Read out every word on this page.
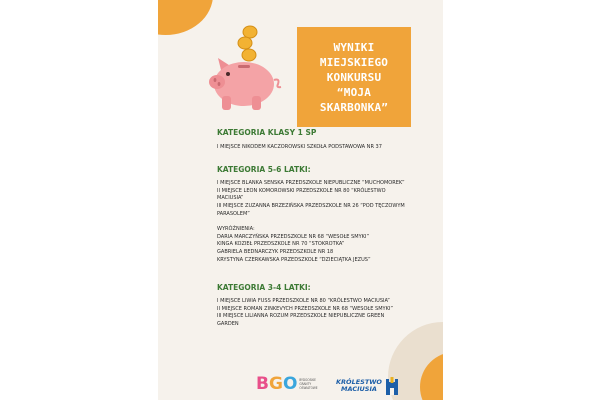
WYNIKI
MIEJSKIEGO
KONKURSU
“MOJA
SKARBONKA”

KATEGORIA KLASY 1 SP

I MIEJSCE NIKODEM KACZOROWSKI SZKOŁA PODSTAWOWA NR 37

KATEGORIA 5-6 LATKI:

I MIEJSCE BLANKA SENSKA PRZEDSZKOLE NIEPUBLICZNE “MUCHOMOREK”

II MIEJSCE LEON KOMOROWSKI PRZEDSZKOLE NR 80 “KRÓLESTWO

MACIUSIA”

III MIEJSCE ZUZANNA BRZEZIŃSKA PRZEDSZKOLE NR 26 “POD TĘCZOWYM

PARASOLEM”

WYRÓŻNIENIA:

DARIA MARCZYŃSKA PRZEDSZKOLE NR 68 “WESOŁE SMYKI”

KINGA KOZIEŁ PRZEDSZKOLE NR 70 “STOKROTKA”

GABRIELA BEDNARCZYK PRZEDSZKOLE NR 18

KRYSTYNA CZERKAWSKA PRZEDSZKOLE “DZIECIĄTKA JEZUS”

KATEGORIA 3-4 LATKI:

I MIEJSCE LIWIA FUSS PRZEDSZKOLE NR 80 “KRÓLESTWO MACIUSIA”

II MIEJSCE ROMAN ZINKEVYCH PRZEDSZKOLE NR 68 “WESOŁE SMYKI”

III MIEJSCE LILIANNA ROZUM PRZEDSZKOLE NIEPUBLICZNE GREEN

GARDEN

BGO BYDGOSKIE
GRANTY
OŚWIATOWE
KRÓLESTWO
MACIUSIA
